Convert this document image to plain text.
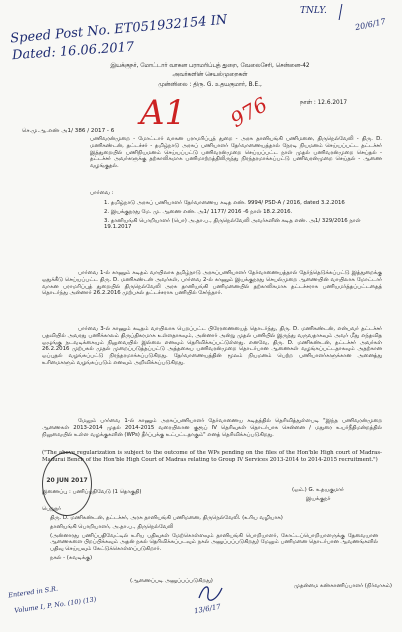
TNLY.
20/6/17
Speed Post No. ET051932154 IN
Dated: 16.06.2017
இயக்குநர், மோட்டார் வாகன பராமரிப்புத் துறை, வேலைசேரி, சென்னை-42
அவர்களின் செயல்முறைகள்
முன்னிலை : திரு. G. உதயகுமார், B.E.,
A1 976	நாள் : 12.6.2017
செ.மு.ஆ.எண் அ1/ 386 / 2017 - 6
பணிவரன்முறை - மோட்டார் வாகன பராமரிப்புத் துறை - அரசு தானியங்கி பணிமனை, திருநெல்வேலி - திரு. D. மணிகண்டன், தட்டச்சர் - தமிழ்நாடு அரசுப் பணியாளர் தேர்வாணையத்தால் நேரடி நியமனம் செய்யப்பட்ட தட்டச்சர் இத்துறையில் பணிநியமனம் செய்யப்பட்டு பணிவரன்முறை செய்யப்பட்ட நாள் முதல் பணிவரன்முறை செய்தல் - தட்டச்சர் அவர்களுக்கு தற்காலிகமாக பணிமாற்றத்திலிருந்து நிரந்தரமாக்கப்பட்டு பணிவரன்முறை செய்தல் - ஆணை வழங்குதல்.
பார்வை :
1. தமிழ்நாடு அரசுப் பணியாளர் தேர்வாணைய கடித எண். 9994/ PSD-A / 2016, dated 3.2.2016
2. இயக்குநரது மே. மு. ஆணை எண். அ1/ 1177/ 2016 -6 நாள் 18.2.2016.
3. தானியங்கி பொறியாளர் (பொ) அ.தா.ப., திருநெல்வேலி அவர்களின் கடித எண். அ1/ 329/2016 நாள் 19.1.2017
20 JUN 2017
பார்வை 1-ல் காணும் கடிதம் வாயிலாக தமிழ்நாடு அரசுப்பணியாளர் தேர்வாணையத்தால் தேர்ந்தெடுக்கப்பட்டு இத்துறைக்கு ஒதுக்கீடு செய்யப்பட்ட திரு. D. மணிகண்டன் அவர்கள், பார்வை 2-ல் காணும் இயக்குநரது செயல்முறை ஆணையின் வாயிலாக மோட்டார் வாகன பராமரிப்புத் துறையில் திருநெல்வேலி அரசு தானியங்கி பணிமனையில் தற்காலிகமாக தட்டச்சராக பணியமர்த்தப்பட்டதைத் தொடர்ந்து அன்னார் 26.2.2016 முற்பகல் தட்டச்சராக பணியில் சேர்ந்தார்.
பார்வை 3-ல் காணும் கடிதம் வாயிலாக பெறப்பட்ட பிரேரணையைத் தொடர்ந்து, திரு. D. மணிகண்டன், என்பவர் தட்டச்சர் பதவியில் அவரது பணிக்காலம் திருப்திகரமாக உள்ளதாகவும், அன்னார் அன்று முதல் பணியில் இருந்து வருவதாகவும் அவர் மீது எந்தவித ஒழுங்கு நடவடிக்கையும் நிலுவையில் இல்லை எனவும் தெரிவிக்கப்பட்டுள்ளது. எனவே, திரு. D. மணிகண்டன், தட்டச்சர் அவர்கள் 26.2.2016 முற்பகல் முதல் முறைப்படுத்தப்பட்டு அத்தகைய பணிவரன்முறை தொடர்பான ஆணைகள் வழங்கப்பட்டதாகவும் அதற்கான ஒப்புதல் வழங்கப்பட்டு நிரந்தரமாக்கப்படுகிறது. தேர்வாணையத்தின் மூலம் நியமனம் பெற்ற பணியாளர்களுக்கான அனைத்து உரிமைகளும் வழங்கப்படும் எனவும் அறிவிக்கப்படுகிறது.
மேலும் பார்வை 1-ல் காணும் அரசுப்பணியாளர் தேர்வாணைய கடிதத்தில் தெரிவித்துள்ளபடி "இந்த பணிவரன்முறை ஆணைகள் 2013-2014 முதல் 2014-2015 வரையிலான குரூப் IV தெரிவுகள் தொடர்பாக சென்னை / மதுரை உயர்நீதிமன்றத்தில் நிலுவையில் உள்ள வழக்குகளின் (WPs) தீர்ப்புக்கு உட்பட்டதாகும்" எனத் தெரிவிக்கப்படுகிறது.
("The above regularization is subject to the outcome of the WPs pending on the files of the Hon'ble High court of Madras-Madurai Bench of the Hon'ble High Court of Madras relating to Group IV Services 2013-2014 to 2014-2015 recruitment.")
(ஒம்.) G. உதயகுமார்
இயக்குநர்
இணைப்பு : பணிப்பதிவேடு (1 தொகுதி)
பெறுநர்
திரு. D. மணிகண்டன், தட்டச்சர், அரசு தானியங்கி பணிமனை, திருநெல்வேலி. (உரிய வழியாக)
தானியங்கி பொறியாளர், அ.தா.ப., திருநெல்வேலி
(அன்னாரது பணிப்பதிவேட்டில் உரிய பதிவுகள் மேற்கொள்ளவும் தானியங்கி பொறியாளர், கோட்டப்பொறியாளருக்கு தேவையான ஆணைகளை பிறப்பிக்கவும் அதன் நகல் தெரிவிக்கப்படவும் நகல் அனுப்பப்படுகிறது) மேலும் பணிமனை தொடர்பான ஆவணங்களில் பதிவு செய்யவும் கேட்டுக்கொள்ளப்படுகிறார்.
நகல் - (சுவடிக்கு)
(ஆணைப்படி அனுப்பப்படுகிறது)
Entered in S.R.
Volume I, P. No. (10) (13)	13/6/17
முதன்மை கண்காணிப்பாளர் (நிர்வாகம்)
